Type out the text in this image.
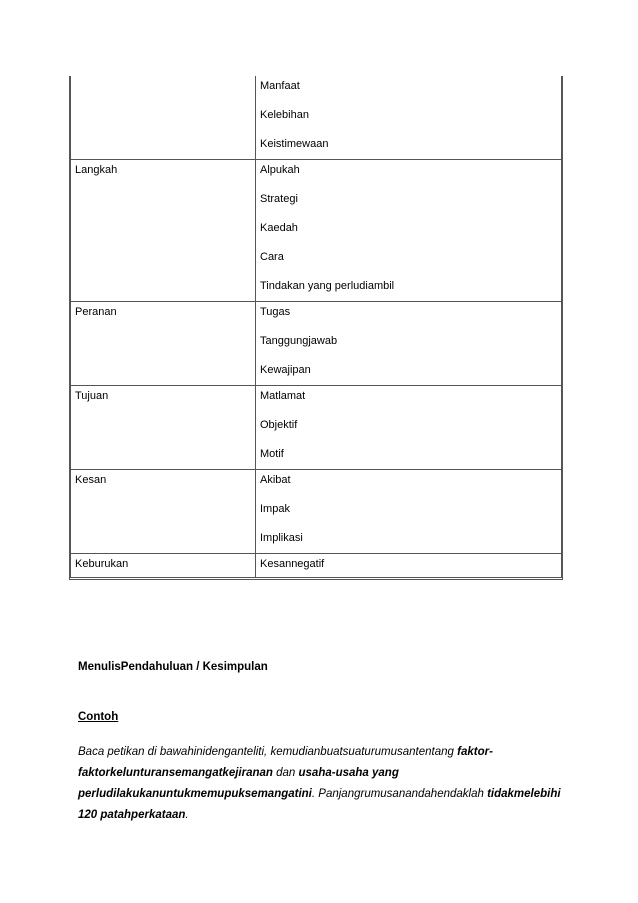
Manfaat
Kelebihan
Keistimewaan
Langkah	Alpukah
Strategi
Kaedah
Cara
Tindakan yang perludiambil
Peranan	Tugas
Tanggungjawab
Kewajipan
Tujuan	Matlamat
Objektif
Motif
Kesan	Akibat
Impak
Implikasi
Keburukan	Kesannegatif
MenulisPendahuluan / Kesimpulan
Contoh
Baca petikan di bawahinidenganteliti, kemudianbuatsuaturumusantentang faktor-faktorkelunturansemangatkejiranan dan usaha-usaha yang perludilakukanuntukmemupuksemangatini. Panjangrumusanandahendaklah tidakmelebihi 120 patahperkataan.
